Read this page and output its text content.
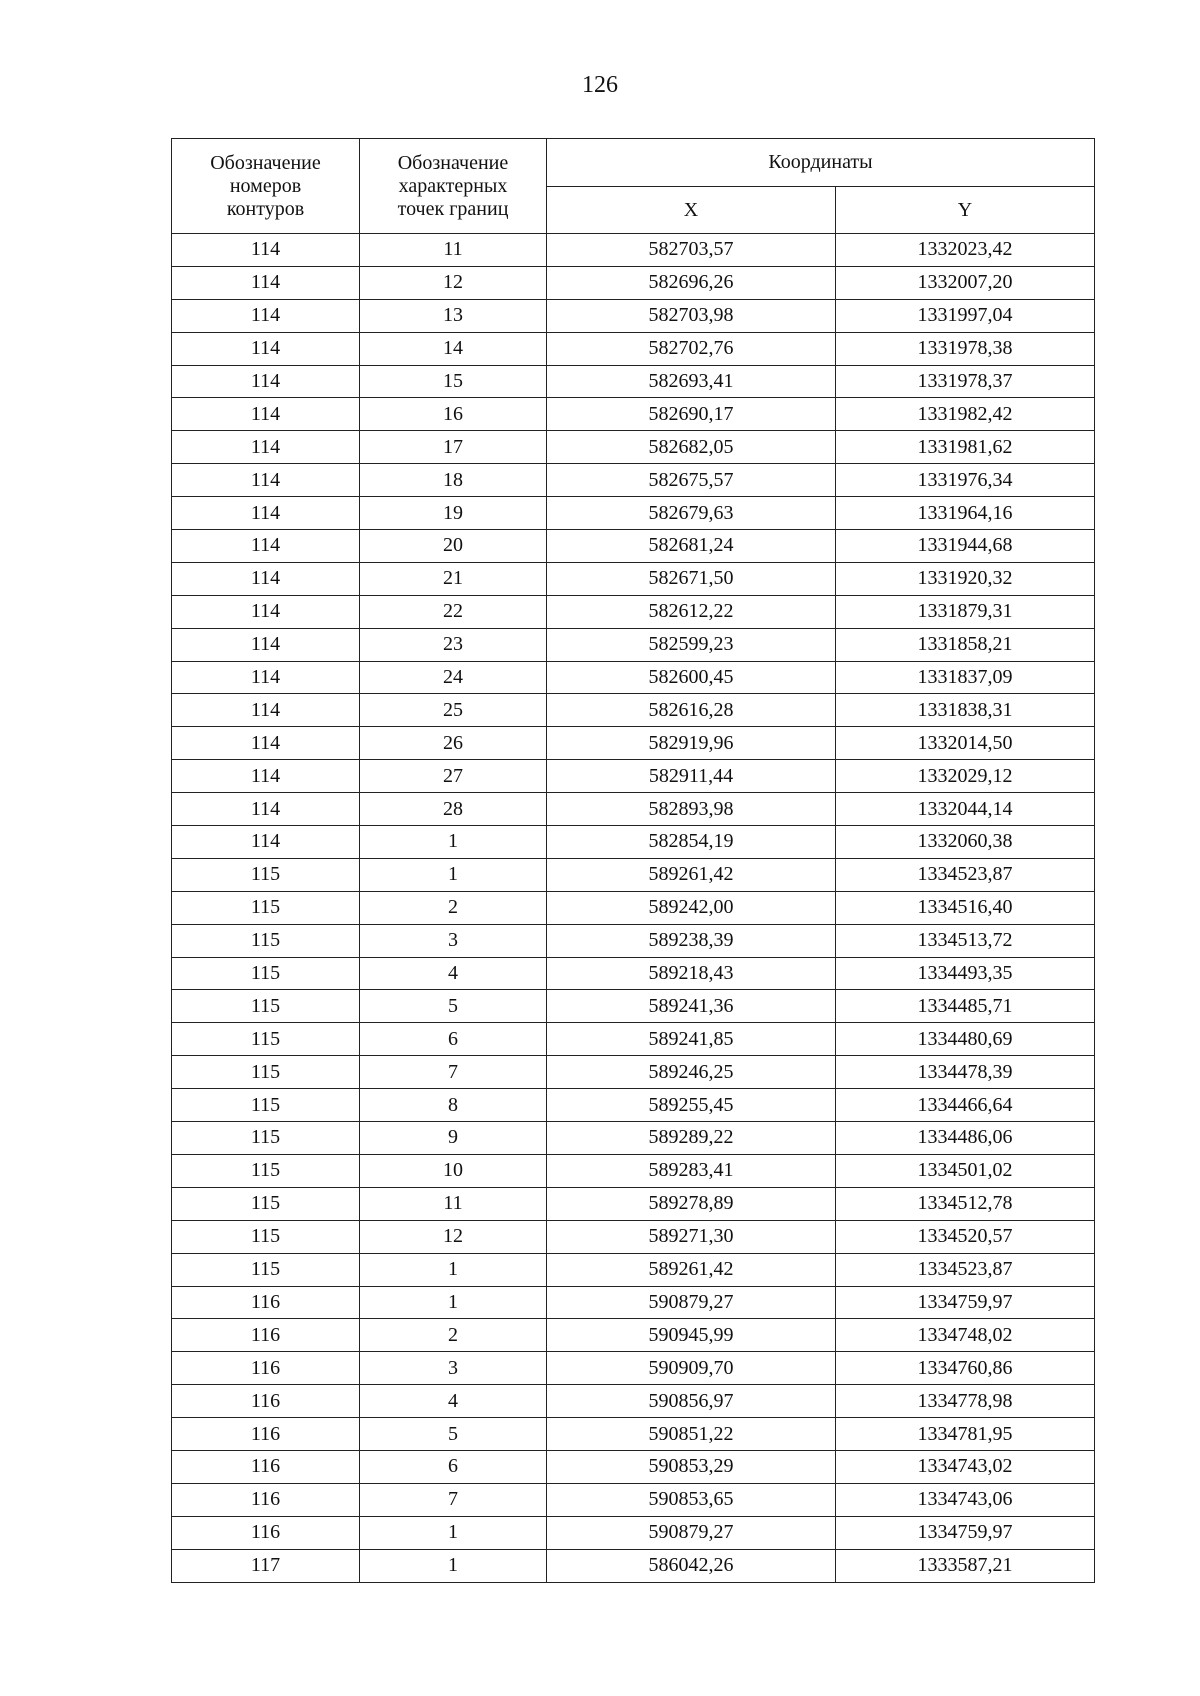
126
Обозначение
номеров
контуров	Обозначение
характерных
точек границ	Координаты	
		X	Y
114	11	582703,57	1332023,42
114	12	582696,26	1332007,20
114	13	582703,98	1331997,04
114	14	582702,76	1331978,38
114	15	582693,41	1331978,37
114	16	582690,17	1331982,42
114	17	582682,05	1331981,62
114	18	582675,57	1331976,34
114	19	582679,63	1331964,16
114	20	582681,24	1331944,68
114	21	582671,50	1331920,32
114	22	582612,22	1331879,31
114	23	582599,23	1331858,21
114	24	582600,45	1331837,09
114	25	582616,28	1331838,31
114	26	582919,96	1332014,50
114	27	582911,44	1332029,12
114	28	582893,98	1332044,14
114	1	582854,19	1332060,38
115	1	589261,42	1334523,87
115	2	589242,00	1334516,40
115	3	589238,39	1334513,72
115	4	589218,43	1334493,35
115	5	589241,36	1334485,71
115	6	589241,85	1334480,69
115	7	589246,25	1334478,39
115	8	589255,45	1334466,64
115	9	589289,22	1334486,06
115	10	589283,41	1334501,02
115	11	589278,89	1334512,78
115	12	589271,30	1334520,57
115	1	589261,42	1334523,87
116	1	590879,27	1334759,97
116	2	590945,99	1334748,02
116	3	590909,70	1334760,86
116	4	590856,97	1334778,98
116	5	590851,22	1334781,95
116	6	590853,29	1334743,02
116	7	590853,65	1334743,06
116	1	590879,27	1334759,97
117	1	586042,26	1333587,21
